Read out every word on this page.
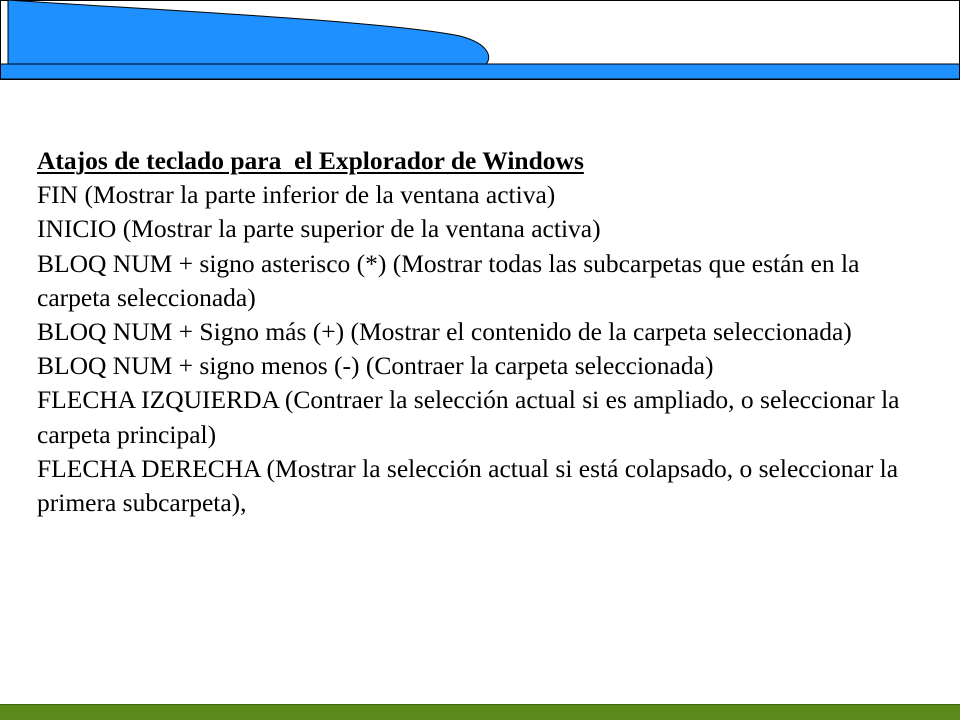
Atajos de teclado para  el Explorador de Windows
FIN (Mostrar la parte inferior de la ventana activa)
INICIO (Mostrar la parte superior de la ventana activa)
BLOQ NUM + signo asterisco (*) (Mostrar todas las subcarpetas que están en la carpeta seleccionada)
BLOQ NUM + Signo más (+) (Mostrar el contenido de la carpeta seleccionada)
BLOQ NUM + signo menos (-) (Contraer la carpeta seleccionada)
FLECHA IZQUIERDA (Contraer la selección actual si es ampliado, o seleccionar la carpeta principal)
FLECHA DERECHA (Mostrar la selección actual si está colapsado, o seleccionar la primera subcarpeta),
